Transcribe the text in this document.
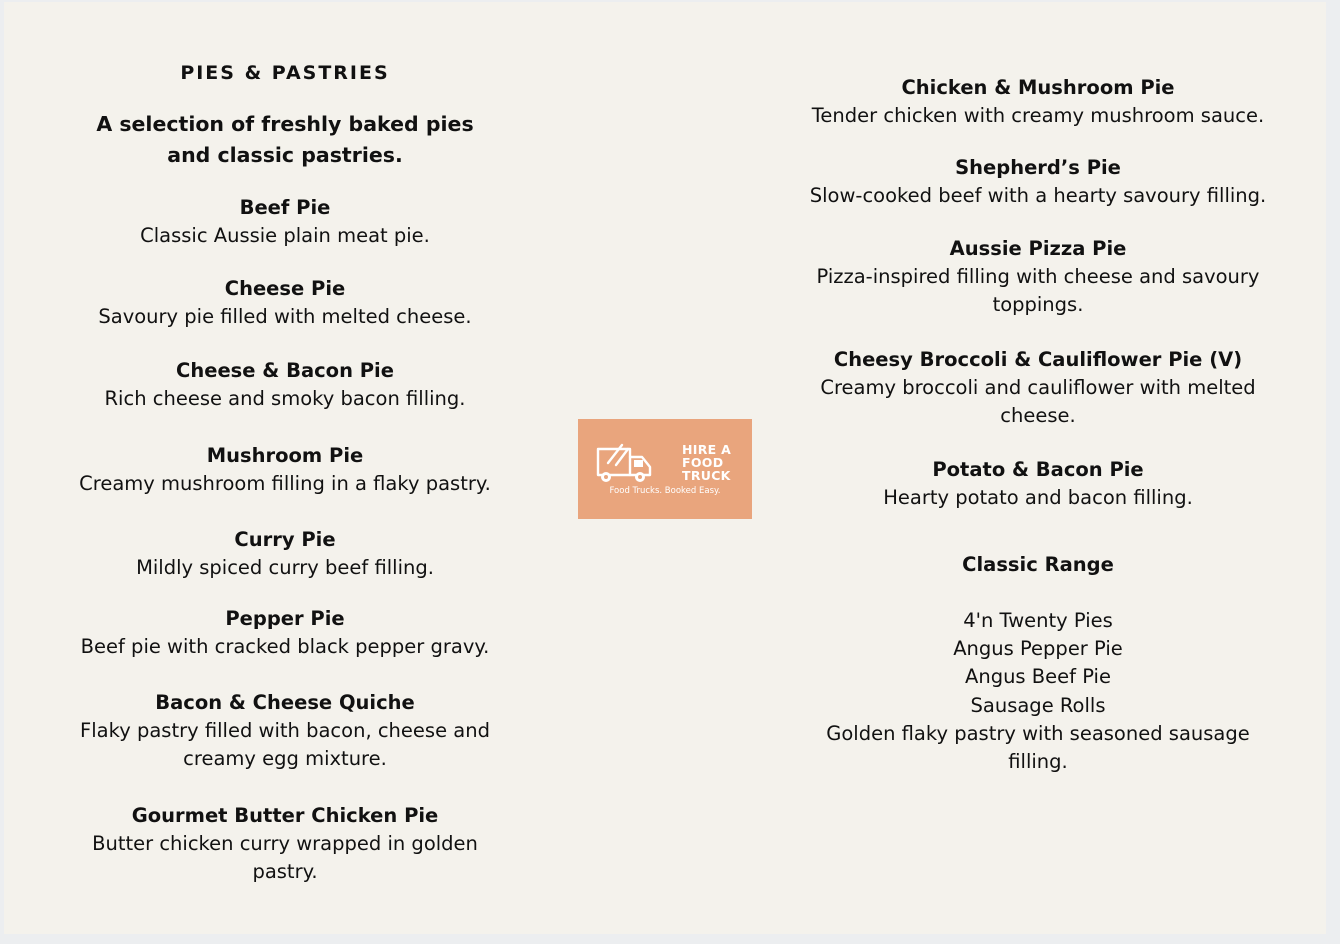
PIES & PASTRIES
A selection of freshly baked pies and classic pastries.
Beef Pie
Classic Aussie plain meat pie.
Cheese Pie
Savoury pie filled with melted cheese.
Cheese & Bacon Pie
Rich cheese and smoky bacon filling.
Mushroom Pie
Creamy mushroom filling in a flaky pastry.
Curry Pie
Mildly spiced curry beef filling.
Pepper Pie
Beef pie with cracked black pepper gravy.
Bacon & Cheese Quiche
Flaky pastry filled with bacon, cheese and creamy egg mixture.
Gourmet Butter Chicken Pie
Butter chicken curry wrapped in golden pastry.
HIRE A
FOOD
TRUCK
Food Trucks. Booked Easy.
Chicken & Mushroom Pie
Tender chicken with creamy mushroom sauce.
Shepherd’s Pie
Slow-cooked beef with a hearty savoury filling.
Aussie Pizza Pie
Pizza-inspired filling with cheese and savoury toppings.
Cheesy Broccoli & Cauliflower Pie (V)
Creamy broccoli and cauliflower with melted cheese.
Potato & Bacon Pie
Hearty potato and bacon filling.
Classic Range
4'n Twenty Pies
Angus Pepper Pie
Angus Beef Pie
Sausage Rolls
Golden flaky pastry with seasoned sausage filling.
